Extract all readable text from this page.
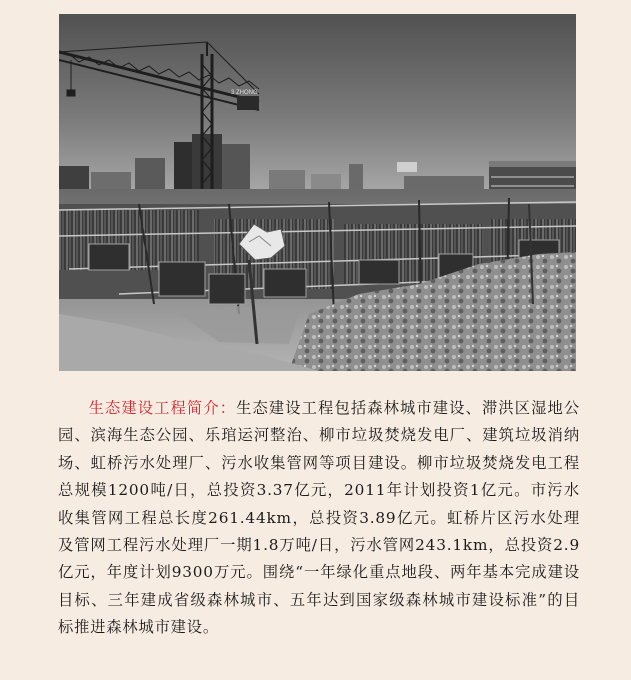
3 ZHONG
生态建设工程简介：生态建设工程包括森林城市建设、滞洪区湿地公园、滨海生态公园、乐琯运河整治、柳市垃圾焚烧发电厂、建筑垃圾消纳场、虹桥污水处理厂、污水收集管网等项目建设。柳市垃圾焚烧发电工程总规模1200吨/日，总投资3.37亿元，2011年计划投资1亿元。市污水收集管网工程总长度261.44km，总投资3.89亿元。虹桥片区污水处理及管网工程污水处理厂一期1.8万吨/日，污水管网243.1km，总投资2.9亿元，年度计划9300万元。围绕“一年绿化重点地段、两年基本完成建设目标、三年建成省级森林城市、五年达到国家级森林城市建设标准”的目标推进森林城市建设。
